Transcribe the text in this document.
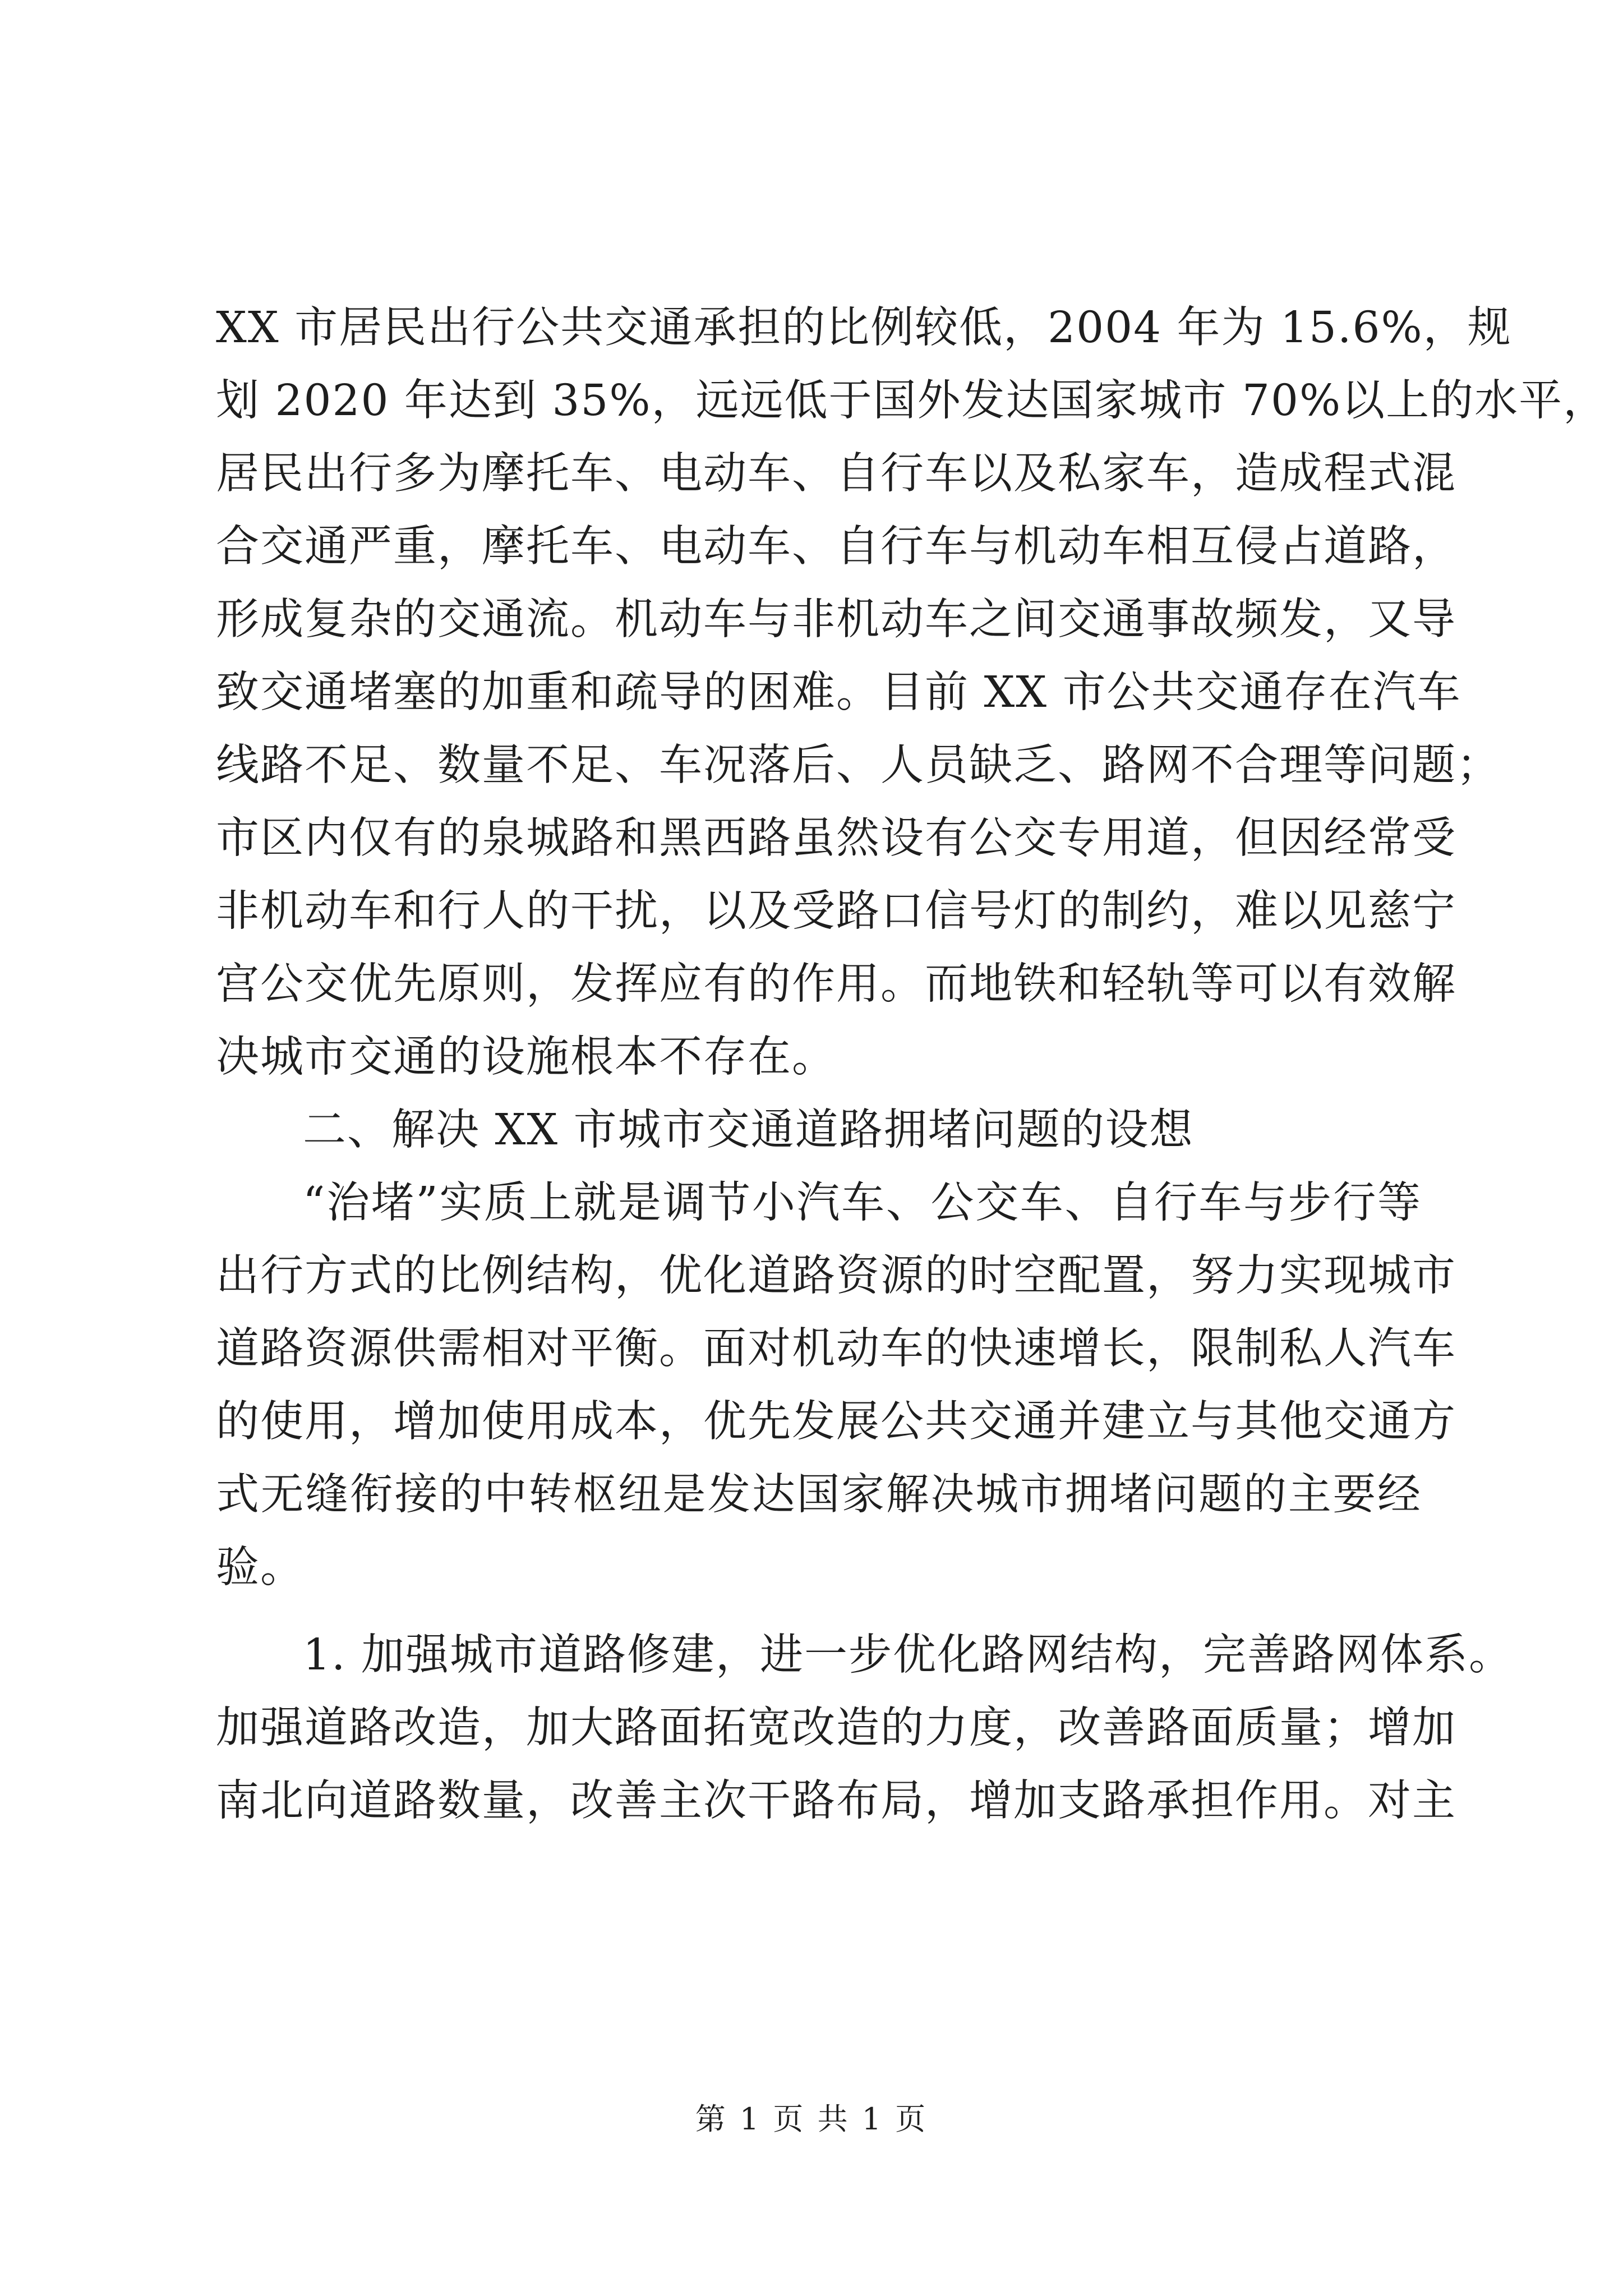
XX 市居民出行公共交通承担的比例较低，2004 年为 15.6%，规
划 2020 年达到 35%，远远低于国外发达国家城市 70%以上的水平，
居民出行多为摩托车、电动车、自行车以及私家车，造成程式混
合交通严重，摩托车、电动车、自行车与机动车相互侵占道路，
形成复杂的交通流。机动车与非机动车之间交通事故频发，又导
致交通堵塞的加重和疏导的困难。目前 XX 市公共交通存在汽车
线路不足、数量不足、车况落后、人员缺乏、路网不合理等问题；
市区内仅有的泉城路和黑西路虽然设有公交专用道，但因经常受
非机动车和行人的干扰，以及受路口信号灯的制约，难以见慈宁
宫公交优先原则，发挥应有的作用。而地铁和轻轨等可以有效解
决城市交通的设施根本不存在。
二、解决 XX 市城市交通道路拥堵问题的设想
“治堵”实质上就是调节小汽车、公交车、自行车与步行等
出行方式的比例结构，优化道路资源的时空配置，努力实现城市
道路资源供需相对平衡。面对机动车的快速增长，限制私人汽车
的使用，增加使用成本，优先发展公共交通并建立与其他交通方
式无缝衔接的中转枢纽是发达国家解决城市拥堵问题的主要经
验。
1. 加强城市道路修建，进一步优化路网结构，完善路网体系。
加强道路改造，加大路面拓宽改造的力度，改善路面质量；增加
南北向道路数量，改善主次干路布局，增加支路承担作用。对主
第 1 页 共 1 页
